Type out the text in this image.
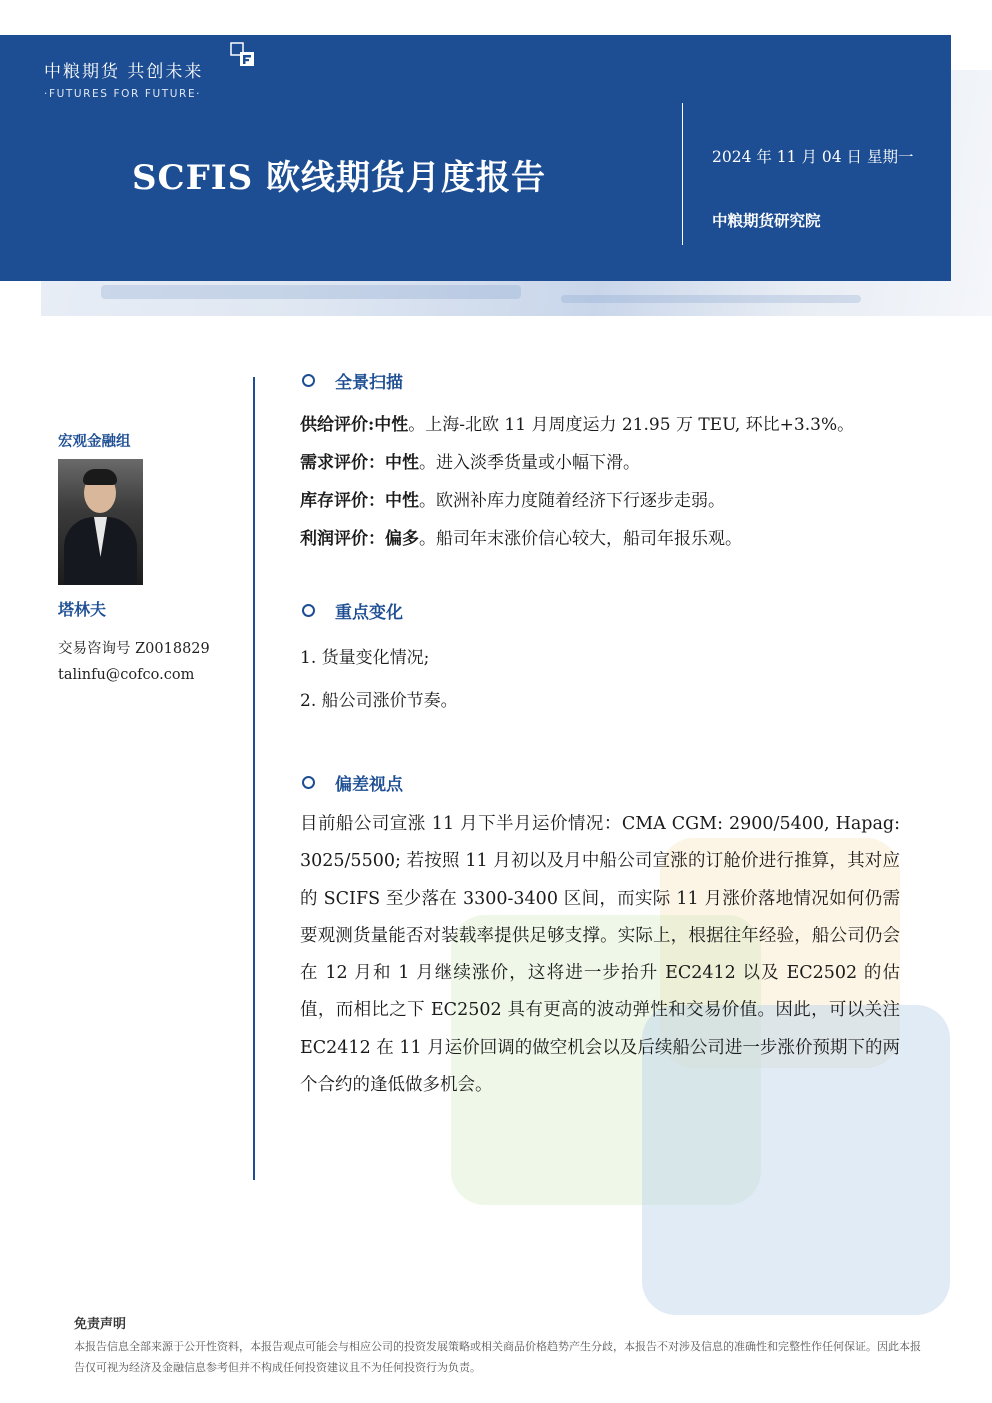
中粮期货 共创未来
·FUTURES FOR FUTURE·
SCFIS 欧线期货月度报告
2024 年 11 月 04 日 星期一
中粮期货研究院
宏观金融组
塔林夫
交易咨询号 Z0018829
talinfu@cofco.com
全景扫描
供给评价:中性。上海-北欧 11 月周度运力 21.95 万 TEU, 环比+3.3%。
需求评价：中性。进入淡季货量或小幅下滑。
库存评价：中性。欧洲补库力度随着经济下行逐步走弱。
利润评价：偏多。船司年末涨价信心较大，船司年报乐观。
重点变化
1. 货量变化情况;
2. 船公司涨价节奏。
偏差视点
目前船公司宣涨 11 月下半月运价情况：CMA CGM: 2900/5400, Hapag: 3025/5500; 若按照 11 月初以及月中船公司宣涨的订舱价进行推算，其对应的 SCIFS 至少落在 3300-3400 区间，而实际 11 月涨价落地情况如何仍需要观测货量能否对装载率提供足够支撑。实际上，根据往年经验，船公司仍会在 12 月和 1 月继续涨价，这将进一步抬升 EC2412 以及 EC2502 的估值，而相比之下 EC2502 具有更高的波动弹性和交易价值。因此，可以关注 EC2412 在 11 月运价回调的做空机会以及后续船公司进一步涨价预期下的两个合约的逢低做多机会。
免责声明
本报告信息全部来源于公开性资料，本报告观点可能会与相应公司的投资发展策略或相关商品价格趋势产生分歧，本报告不对涉及信息的准确性和完整性作任何保证。因此本报告仅可视为经济及金融信息参考但并不构成任何投资建议且不为任何投资行为负责。
